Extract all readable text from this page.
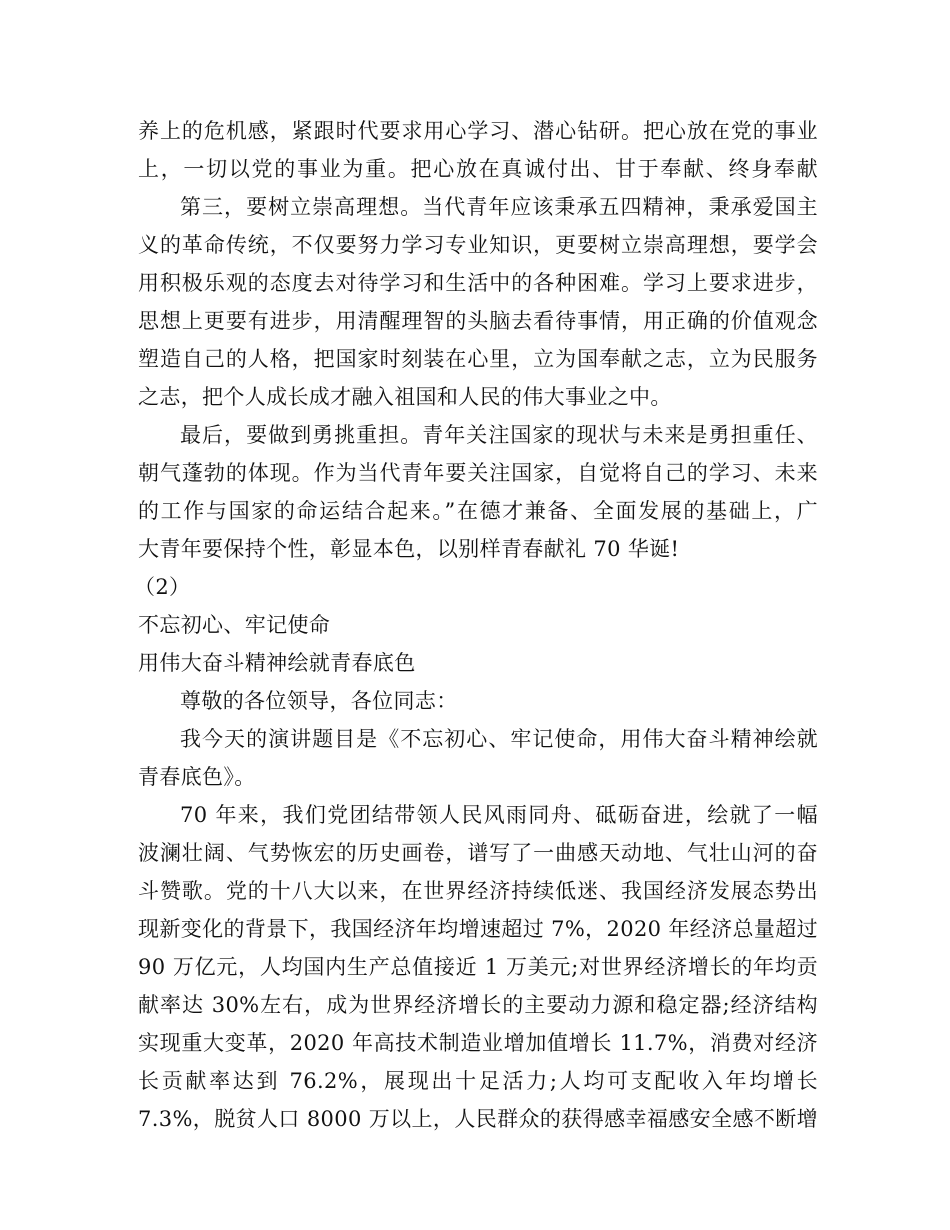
养上的危机感，紧跟时代要求用心学习、潜心钻研。把心放在党的事业
上，一切以党的事业为重。把心放在真诚付出、甘于奉献、终身奉献
第三，要树立崇高理想。当代青年应该秉承五四精神，秉承爱国主
义的革命传统，不仅要努力学习专业知识，更要树立崇高理想，要学会
用积极乐观的态度去对待学习和生活中的各种困难。学习上要求进步，
思想上更要有进步，用清醒理智的头脑去看待事情，用正确的价值观念
塑造自己的人格，把国家时刻装在心里，立为国奉献之志，立为民服务
之志，把个人成长成才融入祖国和人民的伟大事业之中。
最后，要做到勇挑重担。青年关注国家的现状与未来是勇担重任、
朝气蓬勃的体现。作为当代青年要关注国家，自觉将自己的学习、未来
的工作与国家的命运结合起来。”在德才兼备、全面发展的基础上，广
大青年要保持个性，彰显本色，以别样青春献礼 70 华诞!
（2）
不忘初心、牢记使命
用伟大奋斗精神绘就青春底色
尊敬的各位领导，各位同志：
我今天的演讲题目是《不忘初心、牢记使命，用伟大奋斗精神绘就
青春底色》。
70 年来，我们党团结带领人民风雨同舟、砥砺奋进，绘就了一幅
波澜壮阔、气势恢宏的历史画卷，谱写了一曲感天动地、气壮山河的奋
斗赞歌。党的十八大以来，在世界经济持续低迷、我国经济发展态势出
现新变化的背景下，我国经济年均增速超过 7%，2020 年经济总量超过
90 万亿元，人均国内生产总值接近 1 万美元;对世界经济增长的年均贡
献率达 30%左右，成为世界经济增长的主要动力源和稳定器;经济结构
实现重大变革，2020 年高技术制造业增加值增长 11.7%，消费对经济
长贡献率达到 76.2%，展现出十足活力;人均可支配收入年均增长
7.3%，脱贫人口 8000 万以上，人民群众的获得感幸福感安全感不断增
